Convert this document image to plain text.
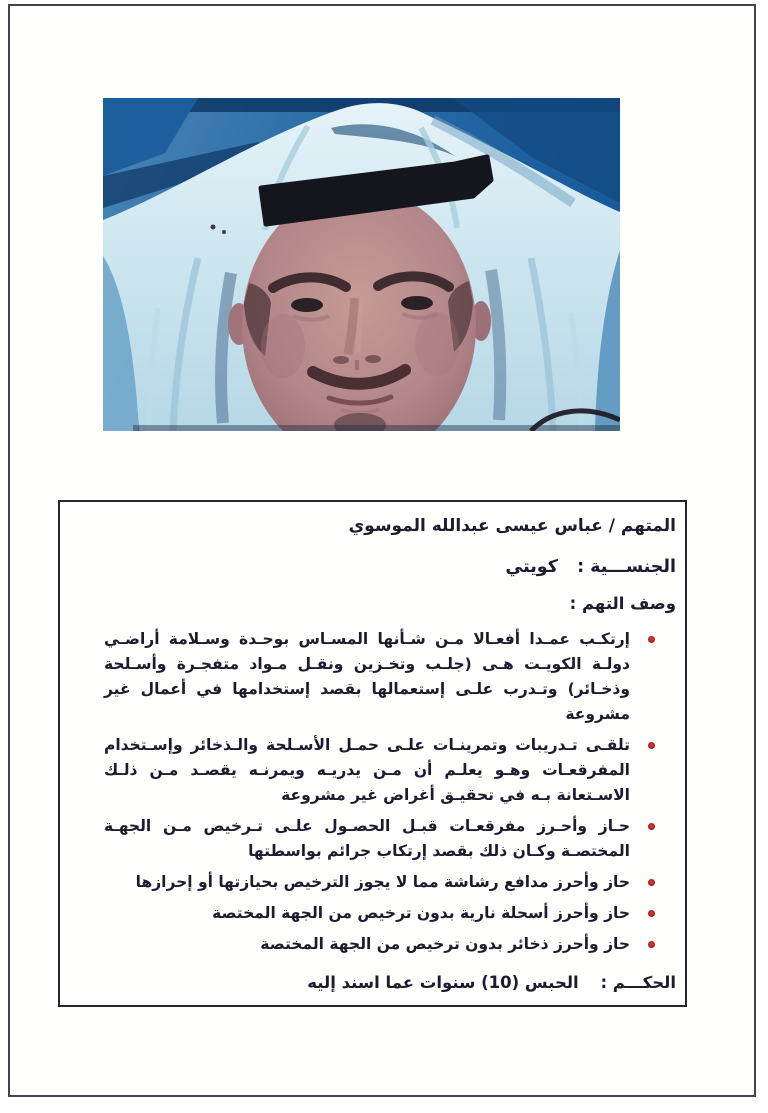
المتهم / عباس عيسى عبدالله الموسوي
الجنســـية : كويتي
وصف التهم :
إرتكـب عمـدا أفعـالا مـن شـأنها المسـاس بوحـدة وسـلامة أراضـي دولـة الكويـت هـى (جلـب وتخـزين ونقـل مـواد متفجـرة وأسـلحة وذخـائر) وتـدرب علـى إستعمالها بقصد إستخدامها في أعمال غير مشروعة
تلقـى تـدريبات وتمرينـات علـى حمـل الأسـلحة والـذخائر وإسـتخدام المفرقعـات وهـو يعلـم أن مـن يدريـه ويمرنـه يقصـد مـن ذلـك الاسـتعانة بـه في تحقيـق أغراض غير مشروعة
حـاز وأحـرز مفرقعـات قبـل الحصـول علـى تـرخيص مـن الجهـة المختصـة وكـان ذلك بقصد إرتكاب جرائم بواسطتها
حاز وأحرز مدافع رشاشة مما لا يجوز الترخيص بحيازتها أو إحرازها
حاز وأحرز أسحلة نارية بدون ترخيص من الجهة المختصة
حاز وأحرز ذخائر بدون ترخيص من الجهة المختصة
الحكـــم : الحبس (10) سنوات عما اسند إليه
